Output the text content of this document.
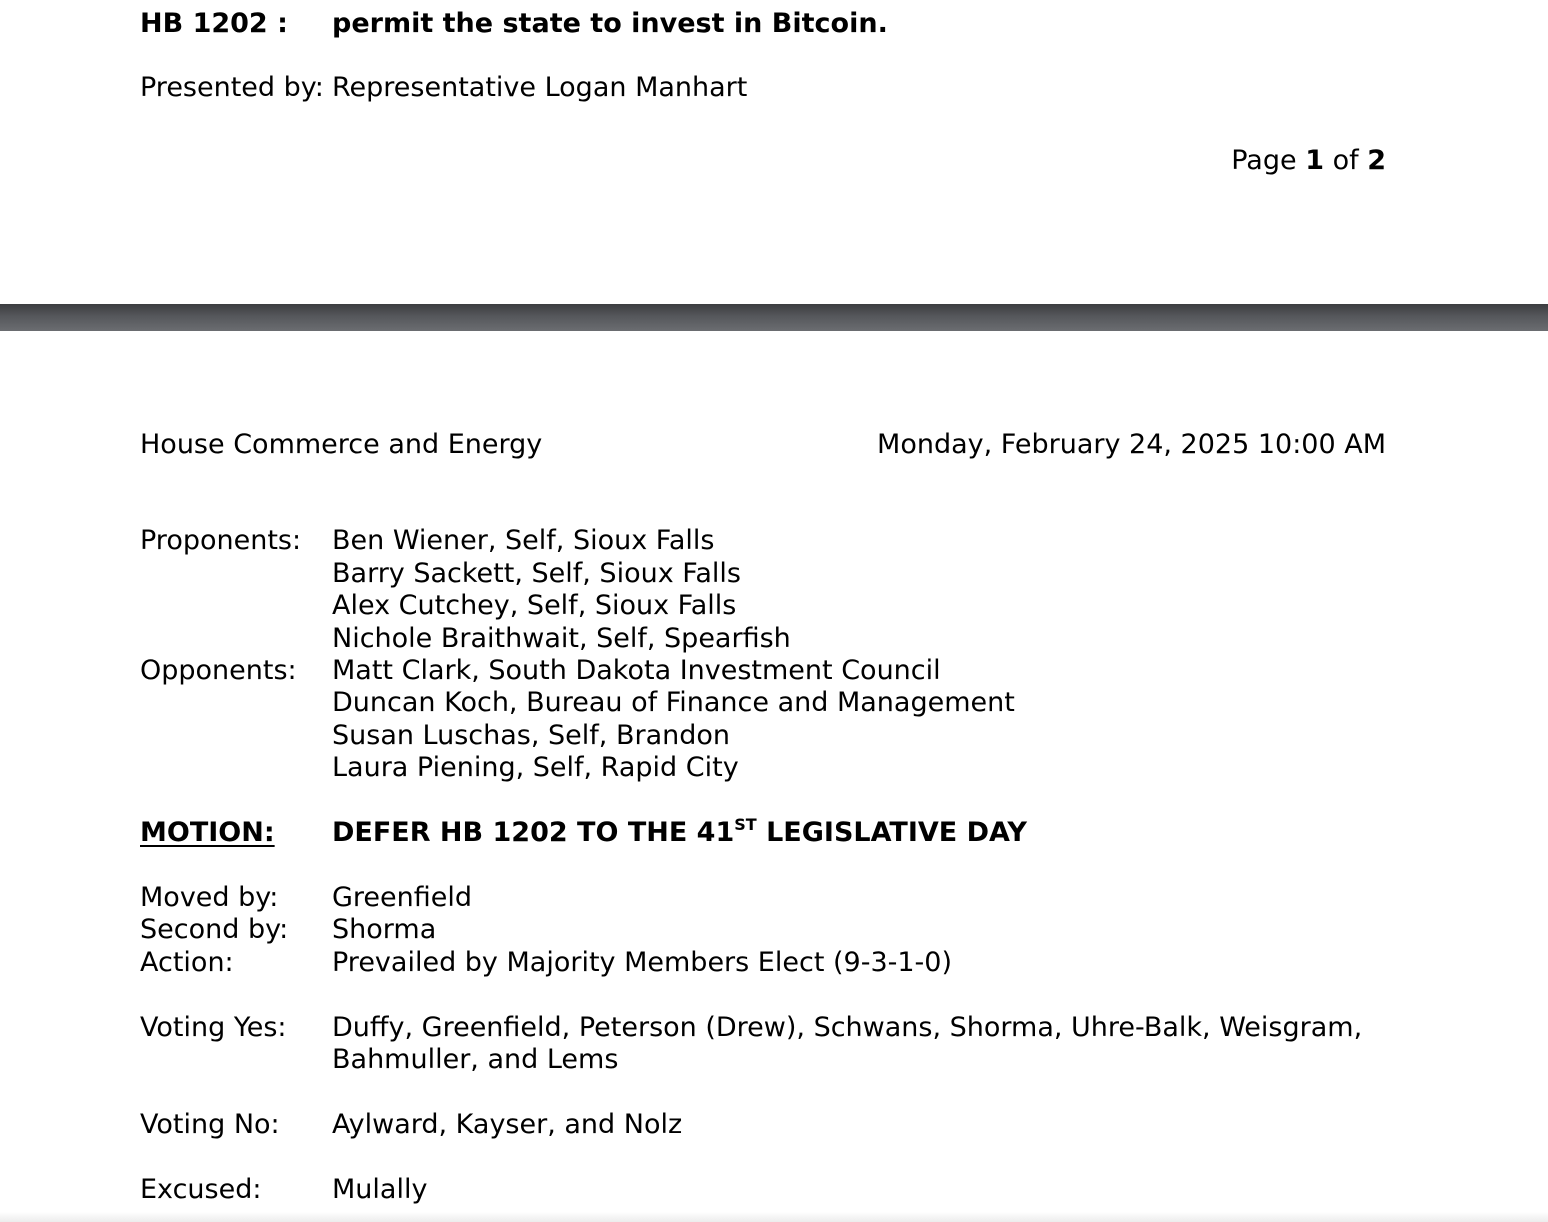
HB 1202 : permit the state to invest in Bitcoin.
Presented by: Representative Logan Manhart
Page 1 of 2
House Commerce and Energy	Monday, February 24, 2025 10:00 AM
Proponents: Ben Wiener, Self, Sioux Falls
Barry Sackett, Self, Sioux Falls
Alex Cutchey, Self, Sioux Falls
Nichole Braithwait, Self, Spearfish
Opponents: Matt Clark, South Dakota Investment Council
Duncan Koch, Bureau of Finance and Management
Susan Luschas, Self, Brandon
Laura Piening, Self, Rapid City
MOTION: DEFER HB 1202 TO THE 41ST LEGISLATIVE DAY
Moved by: Greenfield
Second by: Shorma
Action:	Prevailed by Majority Members Elect (9-3-1-0)
Voting Yes: Duffy, Greenfield, Peterson (Drew), Schwans, Shorma, Uhre-Balk, Weisgram,
Bahmuller, and Lems
Voting No: Aylward, Kayser, and Nolz
Excused:	Mulally
